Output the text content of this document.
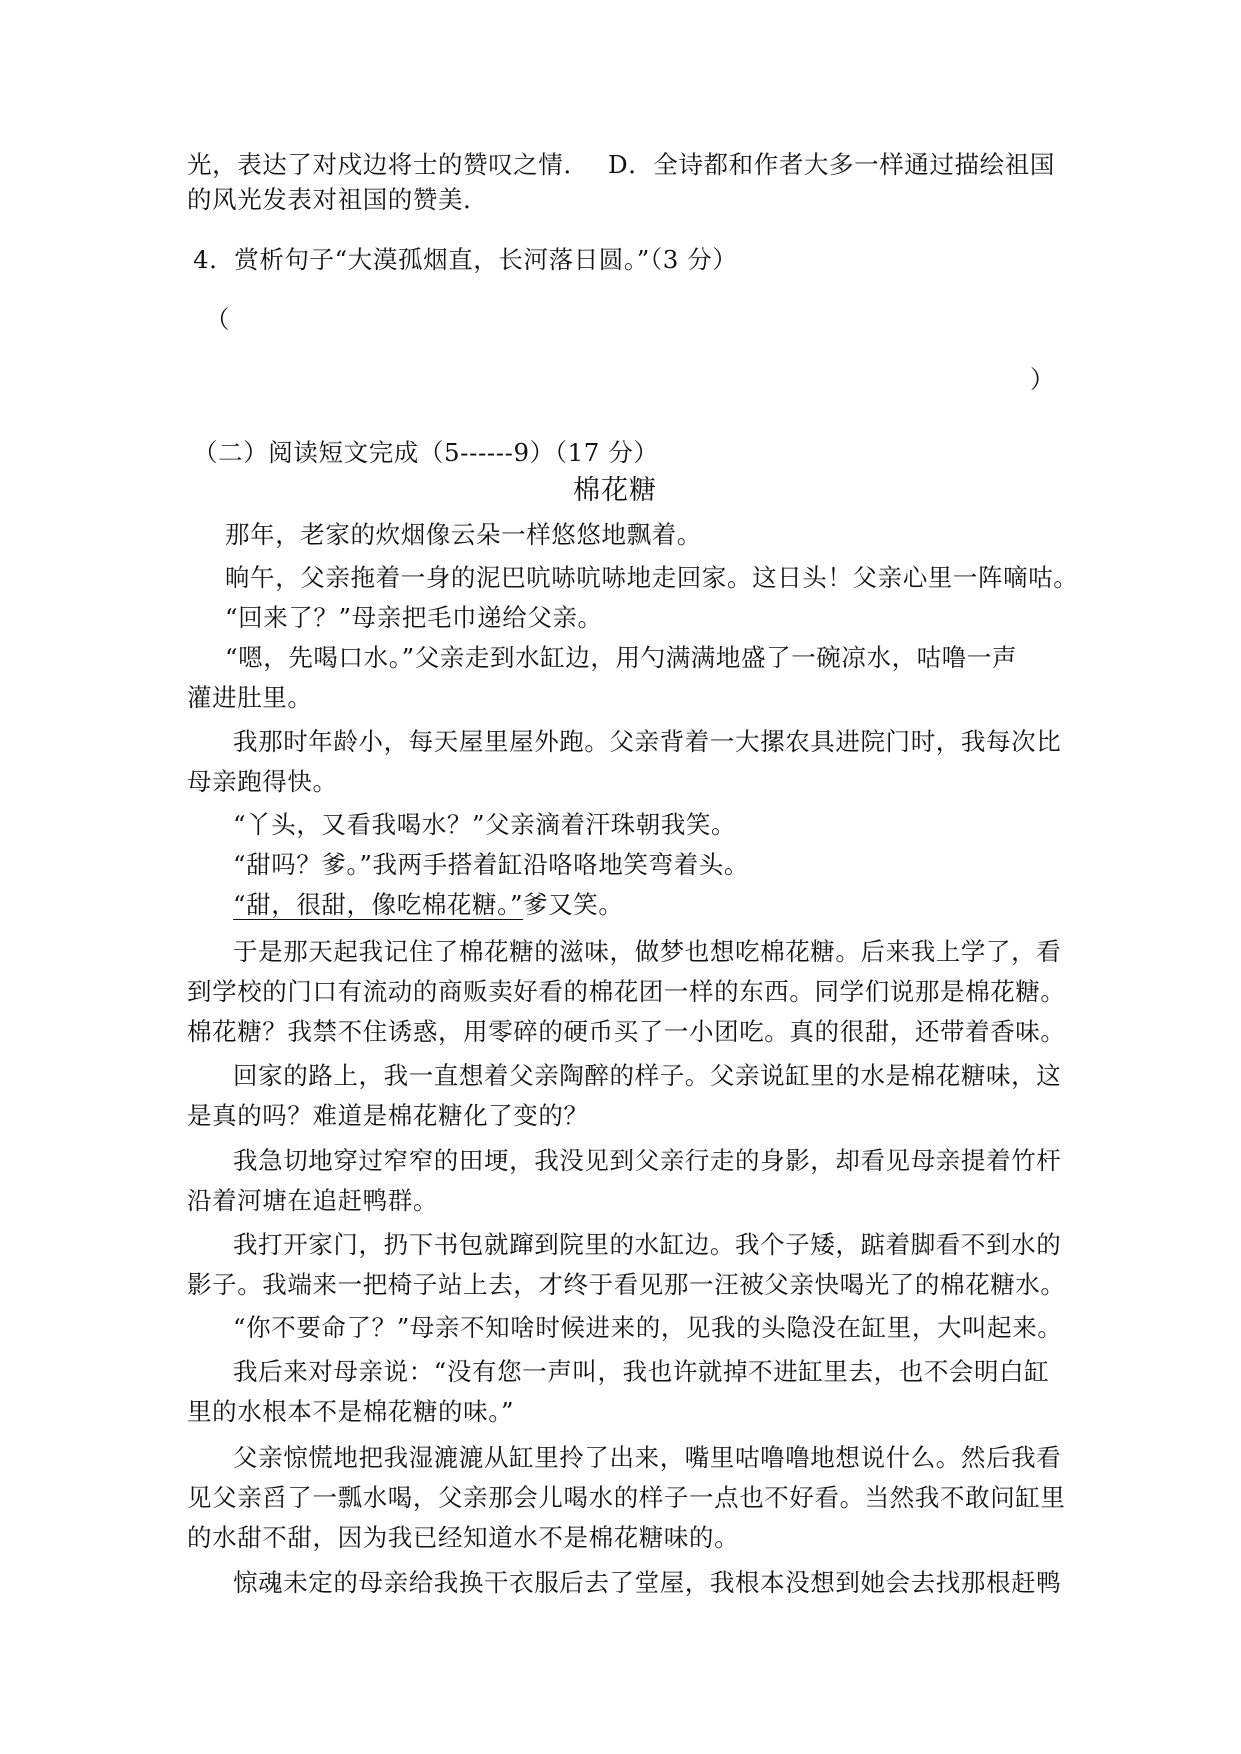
光，表达了对戍边将士的赞叹之情． D．全诗都和作者大多一样通过描绘祖国

的风光发表对祖国的赞美．

4．赏析句子“大漠孤烟直，长河落日圆。”（3 分）

（

）

（二）阅读短文完成（5------9）（17 分）

棉花糖

那年，老家的炊烟像云朵一样悠悠地飘着。

晌午，父亲拖着一身的泥巴吭哧吭哧地走回家。这日头！父亲心里一阵嘀咕。

“回来了？”母亲把毛巾递给父亲。

“嗯，先喝口水。”父亲走到水缸边，用勺满满地盛了一碗凉水，咕噜一声

灌进肚里。

我那时年龄小，每天屋里屋外跑。父亲背着一大摞农具进院门时，我每次比

母亲跑得快。

“丫头，又看我喝水？”父亲滴着汗珠朝我笑。

“甜吗？爹。”我两手搭着缸沿咯咯地笑弯着头。

“甜，很甜，像吃棉花糖。”爹又笑。

于是那天起我记住了棉花糖的滋味，做梦也想吃棉花糖。后来我上学了，看

到学校的门口有流动的商贩卖好看的棉花团一样的东西。同学们说那是棉花糖。

棉花糖？我禁不住诱惑，用零碎的硬币买了一小团吃。真的很甜，还带着香味。

回家的路上，我一直想着父亲陶醉的样子。父亲说缸里的水是棉花糖味，这

是真的吗？难道是棉花糖化了变的？

我急切地穿过窄窄的田埂，我没见到父亲行走的身影，却看见母亲提着竹杆

沿着河塘在追赶鸭群。

我打开家门，扔下书包就蹿到院里的水缸边。我个子矮，踮着脚看不到水的

影子。我端来一把椅子站上去，才终于看见那一汪被父亲快喝光了的棉花糖水。

“你不要命了？”母亲不知啥时候进来的，见我的头隐没在缸里，大叫起来。

我后来对母亲说：“没有您一声叫，我也许就掉不进缸里去，也不会明白缸

里的水根本不是棉花糖的味。”

父亲惊慌地把我湿漉漉从缸里拎了出来，嘴里咕噜噜地想说什么。然后我看

见父亲舀了一瓢水喝，父亲那会儿喝水的样子一点也不好看。当然我不敢问缸里

的水甜不甜，因为我已经知道水不是棉花糖味的。

惊魂未定的母亲给我换干衣服后去了堂屋，我根本没想到她会去找那根赶鸭
